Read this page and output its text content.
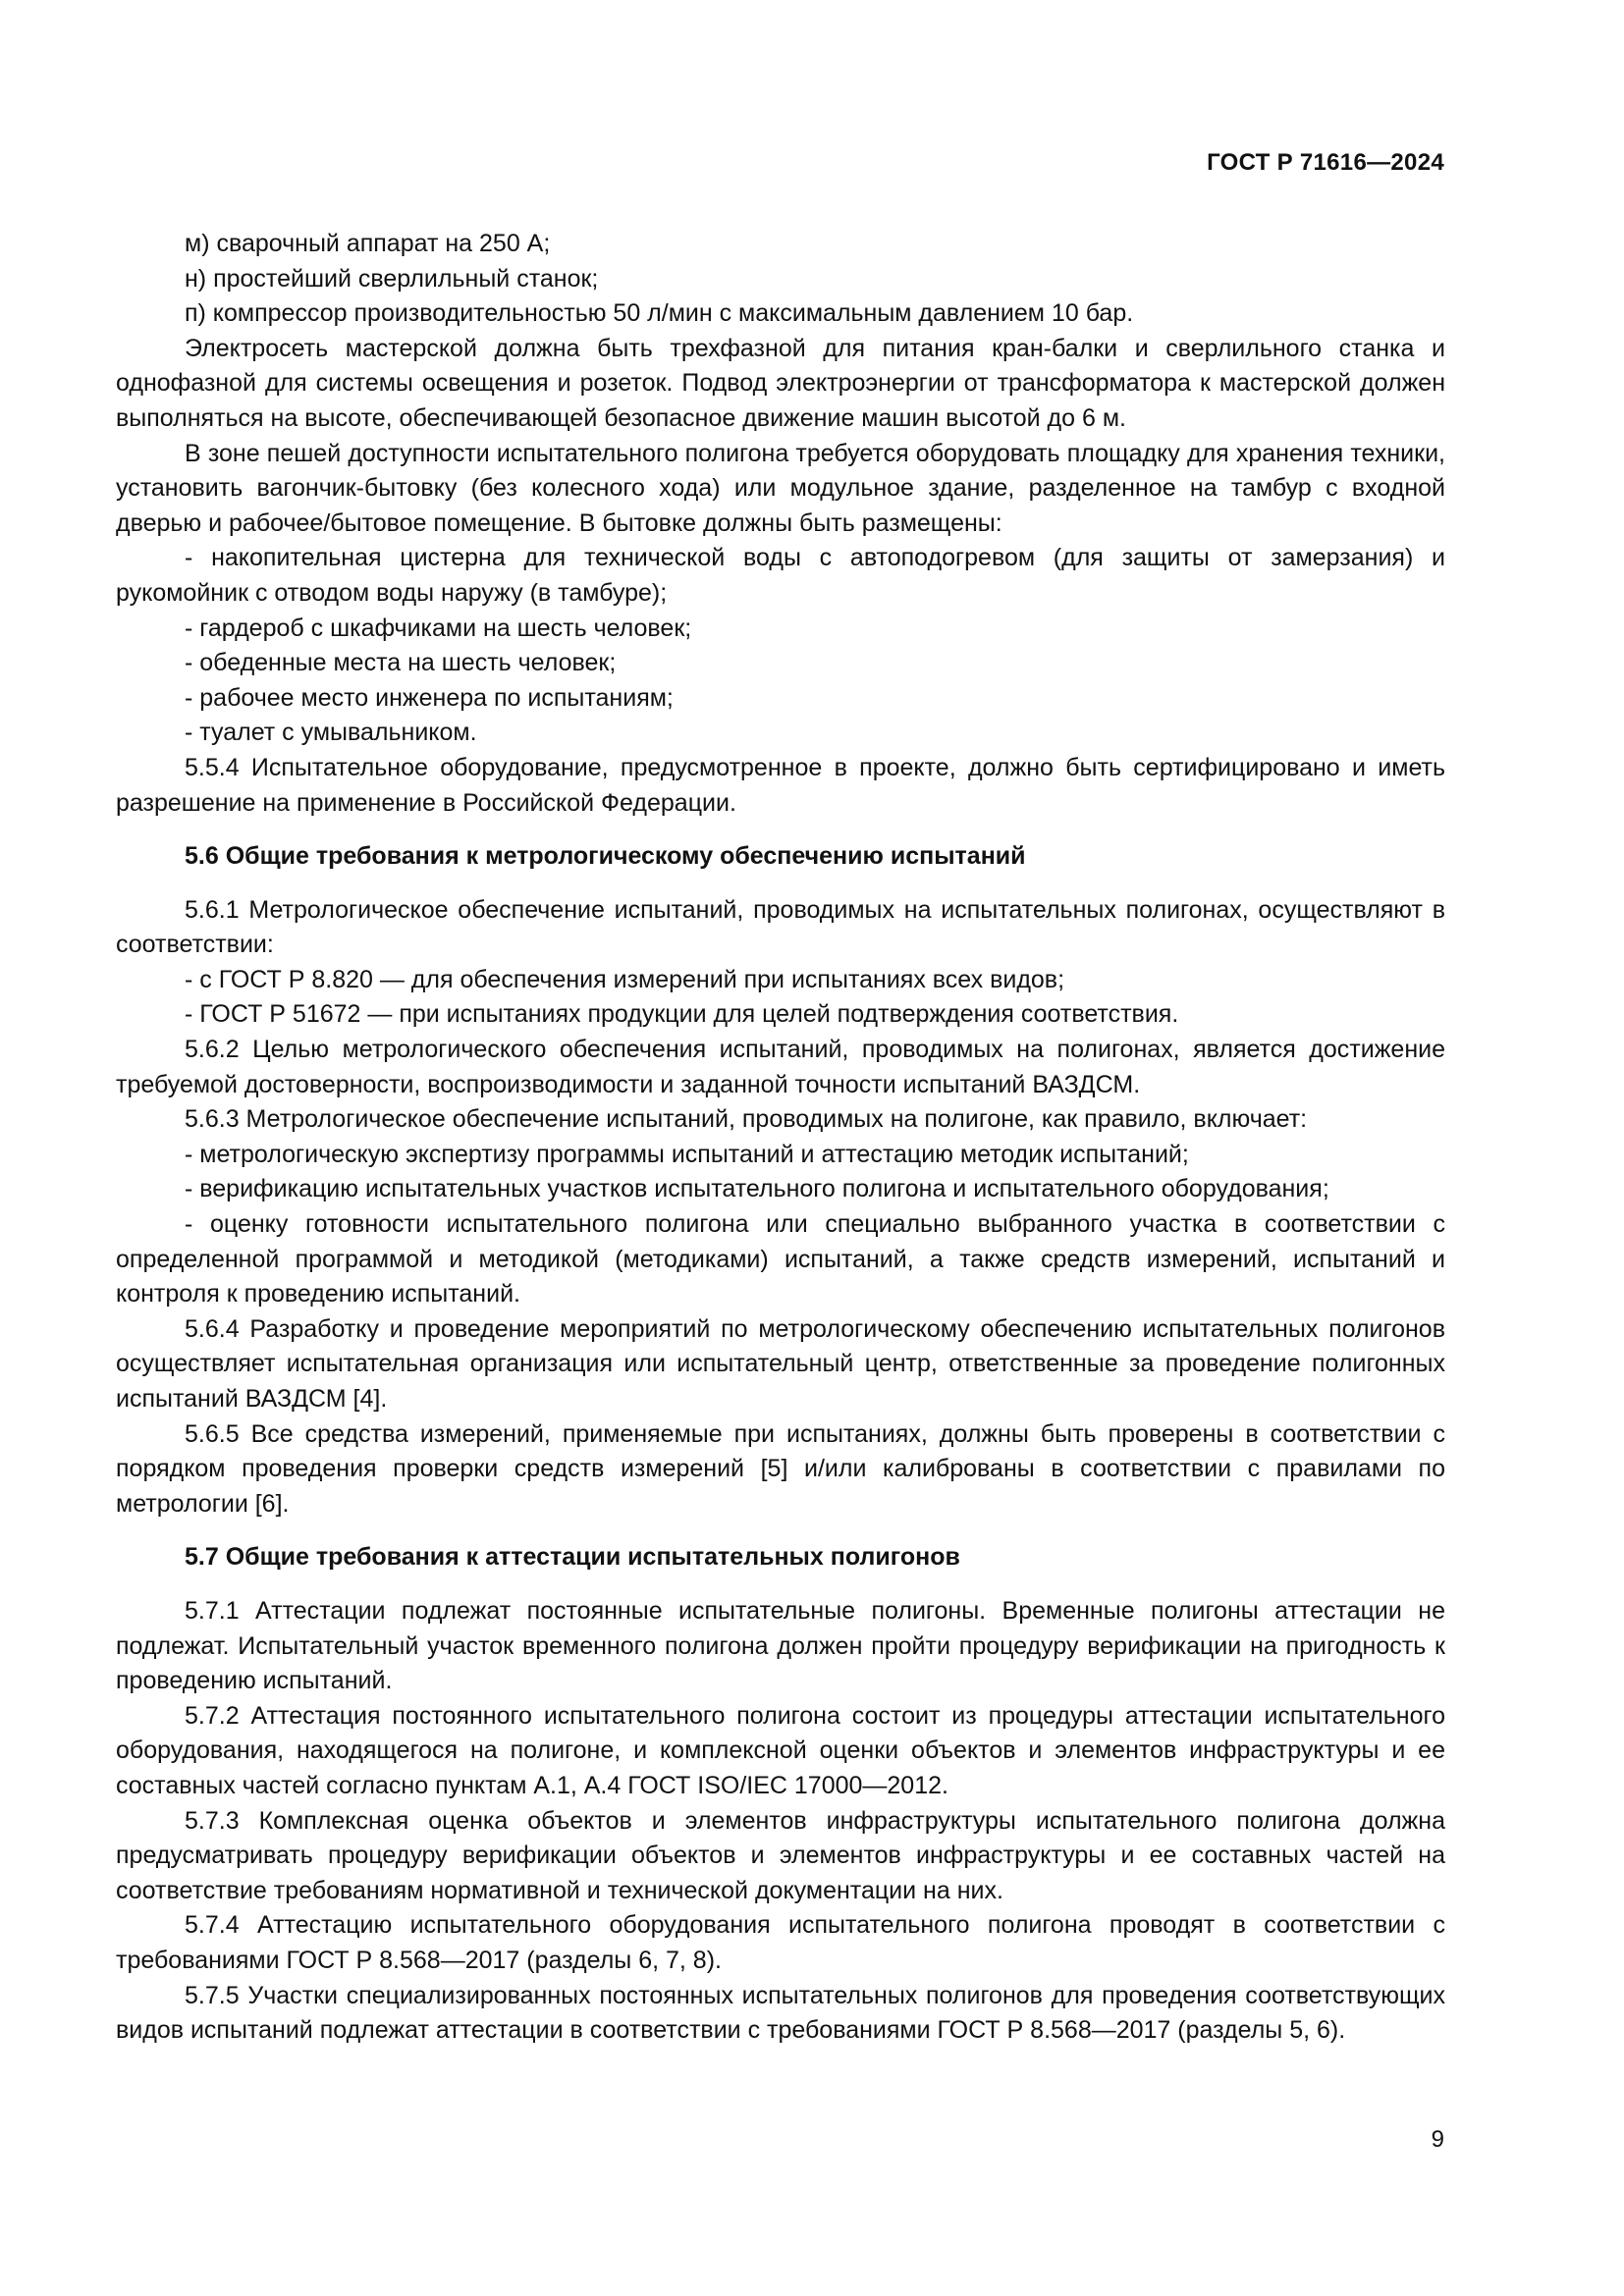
ГОСТ Р 71616—2024

м) сварочный аппарат на 250 А;

н) простейший сверлильный станок;

п) компрессор производительностью 50 л/мин с максимальным давлением 10 бар.

Электросеть мастерской должна быть трехфазной для питания кран-балки и сверлильного станка и однофазной для системы освещения и розеток. Подвод электроэнергии от трансформатора к мастерской должен выполняться на высоте, обеспечивающей безопасное движение машин высотой до 6 м.

В зоне пешей доступности испытательного полигона требуется оборудовать площадку для хранения техники, установить вагончик-бытовку (без колесного хода) или модульное здание, разделенное на тамбур с входной дверью и рабочее/бытовое помещение. В бытовке должны быть размещены:

- накопительная цистерна для технической воды с автоподогревом (для защиты от замерзания) и рукомойник с отводом воды наружу (в тамбуре);

- гардероб с шкафчиками на шесть человек;

- обеденные места на шесть человек;

- рабочее место инженера по испытаниям;

- туалет с умывальником.

5.5.4 Испытательное оборудование, предусмотренное в проекте, должно быть сертифицировано и иметь разрешение на применение в Российской Федерации.

5.6 Общие требования к метрологическому обеспечению испытаний

5.6.1 Метрологическое обеспечение испытаний, проводимых на испытательных полигонах, осуществляют в соответствии:

- с ГОСТ Р 8.820 — для обеспечения измерений при испытаниях всех видов;

- ГОСТ Р 51672 — при испытаниях продукции для целей подтверждения соответствия.

5.6.2 Целью метрологического обеспечения испытаний, проводимых на полигонах, является достижение требуемой достоверности, воспроизводимости и заданной точности испытаний ВАЗДСМ.

5.6.3 Метрологическое обеспечение испытаний, проводимых на полигоне, как правило, включает:

- метрологическую экспертизу программы испытаний и аттестацию методик испытаний;

- верификацию испытательных участков испытательного полигона и испытательного оборудования;

- оценку готовности испытательного полигона или специально выбранного участка в соответствии с определенной программой и методикой (методиками) испытаний, а также средств измерений, испытаний и контроля к проведению испытаний.

5.6.4 Разработку и проведение мероприятий по метрологическому обеспечению испытательных полигонов осуществляет испытательная организация или испытательный центр, ответственные за проведение полигонных испытаний ВАЗДСМ [4].

5.6.5 Все средства измерений, применяемые при испытаниях, должны быть проверены в соответствии с порядком проведения проверки средств измерений [5] и/или калиброваны в соответствии с правилами по метрологии [6].

5.7 Общие требования к аттестации испытательных полигонов

5.7.1 Аттестации подлежат постоянные испытательные полигоны. Временные полигоны аттестации не подлежат. Испытательный участок временного полигона должен пройти процедуру верификации на пригодность к проведению испытаний.

5.7.2 Аттестация постоянного испытательного полигона состоит из процедуры аттестации испытательного оборудования, находящегося на полигоне, и комплексной оценки объектов и элементов инфраструктуры и ее составных частей согласно пунктам А.1, А.4 ГОСТ ISO/IEC 17000—2012.

5.7.3 Комплексная оценка объектов и элементов инфраструктуры испытательного полигона должна предусматривать процедуру верификации объектов и элементов инфраструктуры и ее составных частей на соответствие требованиям нормативной и технической документации на них.

5.7.4 Аттестацию испытательного оборудования испытательного полигона проводят в соответствии с требованиями ГОСТ Р 8.568—2017 (разделы 6, 7, 8).

5.7.5 Участки специализированных постоянных испытательных полигонов для проведения соответствующих видов испытаний подлежат аттестации в соответствии с требованиями ГОСТ Р 8.568—2017 (разделы 5, 6).

9
